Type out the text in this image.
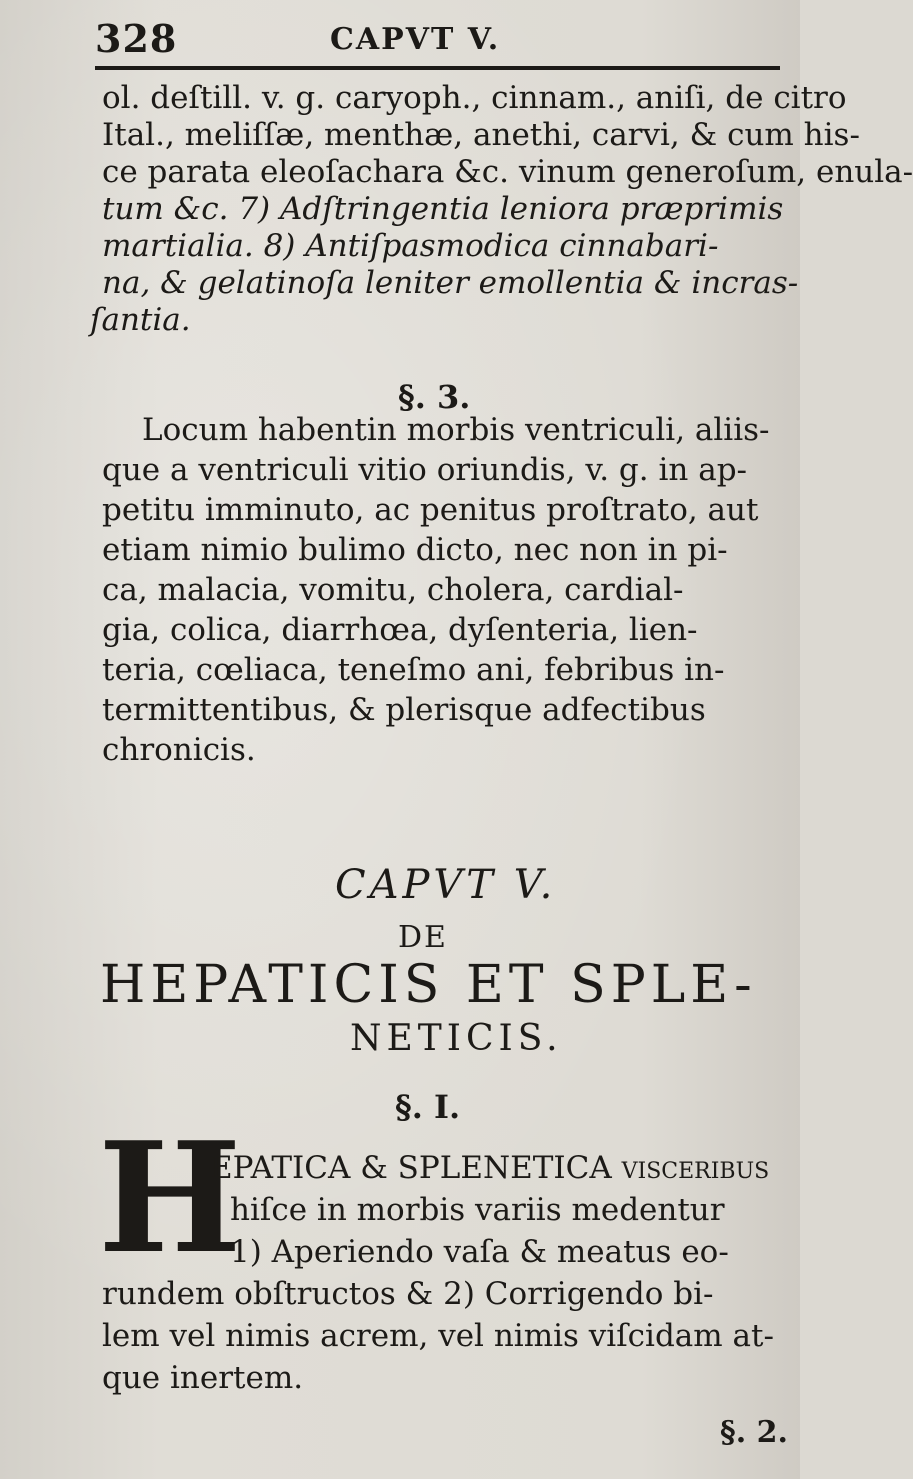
328	CAPVT V.
ol. deſtill. v. g. caryoph., cinnam., aniſi, de citro
Ital., meliſſæ, menthæ, anethi, carvi, & cum his-
ce parata eleoſachara &c. vinum generoſum, enula-
tum &c. 7) Adſtringentia leniora præprimis
martialia. 8) Antiſpasmodica cinnabari-
na, & gelatinoſa leniter emollentia & incras-
ſantia.
§. 3.
Locum habentin morbis ventriculi, aliis-
que a ventriculi vitio oriundis, v. g. in ap-
petitu imminuto, ac penitus proſtrato, aut
etiam nimio bulimo dicto, nec non in pi-
ca, malacia, vomitu, cholera, cardial-
gia, colica, diarrhœa, dyſenteria, lien-
teria, cœliaca, teneſmo ani, febribus in-
termittentibus, & plerisque adfectibus
chronicis.
CAPVT V.
DE
HEPATICIS ET SPLE-
NETICIS.
§. I.
H
EPATICA & SPLENETICA viſceribus
hiſce in morbis variis medentur
1) Aperiendo vaſa & meatus eo-
rundem obſtructos & 2) Corrigendo bi-
lem vel nimis acrem, vel nimis viſcidam at-
que inertem.
§. 2.
